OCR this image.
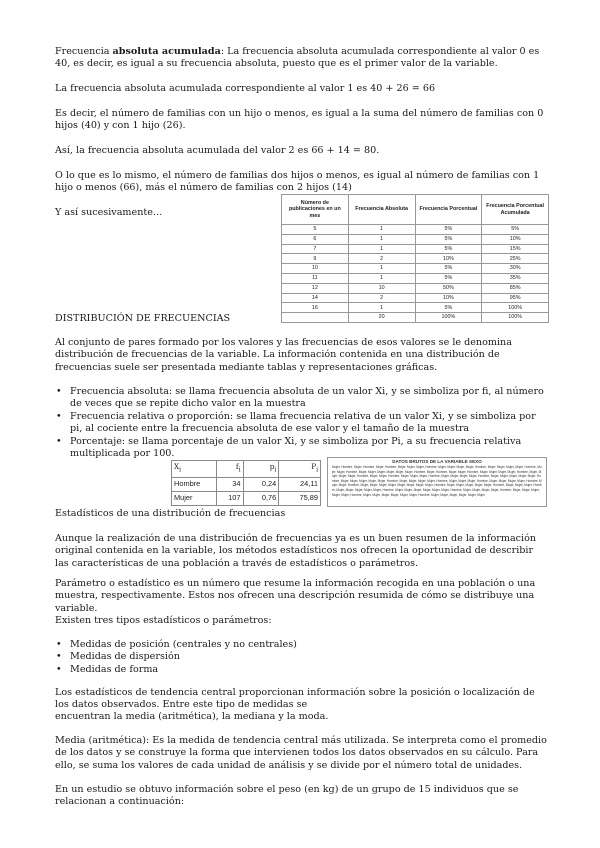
Frecuencia absoluta acumulada: La frecuencia absoluta acumulada correspondiente al valor 0 es 40, es decir, es igual a su frecuencia absoluta, puesto que es el primer valor de la variable.

La frecuencia absoluta acumulada correspondiente al valor 1 es 40 + 26 = 66

Es decir, el número de familias con un hijo o menos, es igual a la suma del número de familias con 0 hijos (40) y con 1 hijo (26).

Así, la frecuencia absoluta acumulada del valor 2 es 66 + 14 = 80.

O lo que es lo mismo, el número de familias dos hijos o menos, es igual al número de familias con 1 hijo o menos (66), más el número de familias con 2 hijos (14)

Y así sucesivamente…

Número de publicaciones en un mes	Frecuencia Absoluta	Frecuencia Porcentual	Frecuencia Porcentual Acumulada
5	1	5%	5%
6	1	5%	10%
7	1	5%	15%
9	2	10%	25%
10	1	5%	30%
11	1	5%	35%
12	10	50%	85%
14	2	10%	95%
16	1	5%	100%
	20	100%	100%

DISTRIBUCIÓN DE FRECUENCIAS

Al conjunto de pares formado por los valores y las frecuencias de esos valores se le denomina distribución de frecuencias de la variable. La información contenida en una distribución de frecuencias suele ser presentada mediante tablas y representaciones gráficas.

• Frecuencia absoluta: se llama frecuencia absoluta de un valor Xi, y se simboliza por fi, al número de veces que se repite dicho valor en la muestra
• Frecuencia relativa o proporción: se llama frecuencia relativa de un valor Xi, y se simboliza por pi, al cociente entre la frecuencia absoluta de ese valor y el tamaño de la muestra
• Porcentaje: se llama porcentaje de un valor Xi, y se simboliza por Pi, a su frecuencia relativa multiplicada por 100.
$X_i$	$f_i$	$p_i$	$P_i$
Hombre	34	0,24	24,11
Mujer	107	0,76	75,89
DATOS BRUTOS DE LA VARIABLE SEXO
Mujer, Hombre, Mujer, Hombre, Mujer, Hombre, Mujer, Mujer, Mujer, Hombre, Mujer, Mujer, Mujer, Mujer, Hombre, Mujer, Mujer, Mujer, Mujer, Hombre, Mujer, Mujer, Hombre, Mujer, Mujer, Mujer, Mujer, Mujer, Mujer, Hombre, Mujer, Hombre, Mujer, Mujer, Hombre, Mujer, Mujer, Mujer, Mujer, Hombre, Mujer, Mujer, Mujer, Mujer, Hombre, Mujer, Mujer, Hombre, Mujer, Mujer, Mujer, Hombre, Mujer, Mujer, Mujer, Mujer, Hombre, Mujer, Mujer, Mujer, Mujer, Mujer, Hombre, Mujer, Mujer, Mujer, Mujer, Mujer, Hombre, Mujer, Mujer, Mujer, Mujer, Hombre, Mujer, Mujer, Mujer, Hombre, Mujer, Mujer, Mujer, Mujer, Hombre, Mujer, Mujer, Hombre, Mujer, Mujer, Mujer, Mujer, Mujer, Mujer, Mujer, Mujer, Hombre, Mujer, Mujer, Mujer, Mujer, Mujer, Hombre, Mujer, Mujer, Mujer, Hombre, Mujer, Mujer, Mujer, Mujer, Mujer, Hombre, Mujer, Mujer, Mujer, Mujer, Mujer, Mujer, Hombre, Mujer, Mujer, Mujer, Mujer, Hombre, Mujer, Mujer, Mujer, Mujer, Mujer, Hombre, Mujer, Mujer, Mujer, Mujer, Mujer, Mujer, Hombre, Mujer, Mujer, Mujer, Mujer, Mujer, Mujer

Estadísticos de una distribución de frecuencias

Aunque la realización de una distribución de frecuencias ya es un buen resumen de la información original contenida en la variable, los métodos estadísticos nos ofrecen la oportunidad de describir las características de una población a través de estadísticos o parámetros.

Parámetro o estadístico es un número que resume la información recogida en una población o una muestra, respectivamente. Estos nos ofrecen una descripción resumida de cómo se distribuye una variable.

Existen tres tipos estadísticos o parámetros:

• Medidas de posición (centrales y no centrales)
• Medidas de dispersión
• Medidas de forma

Los estadísticos de tendencia central proporcionan información sobre la posición o localización de los datos observados. Entre este tipo de medidas se

encuentran la media (aritmética), la mediana y la moda.

Media (aritmética): Es la medida de tendencia central más utilizada. Se interpreta como el promedio de los datos y se construye la forma que intervienen todos los datos observados en su cálculo. Para ello, se suma los valores de cada unidad de análisis y se divide por el número total de unidades.

En un estudio se obtuvo información sobre el peso (en kg) de un grupo de 15 individuos que se relacionan a continuación:
